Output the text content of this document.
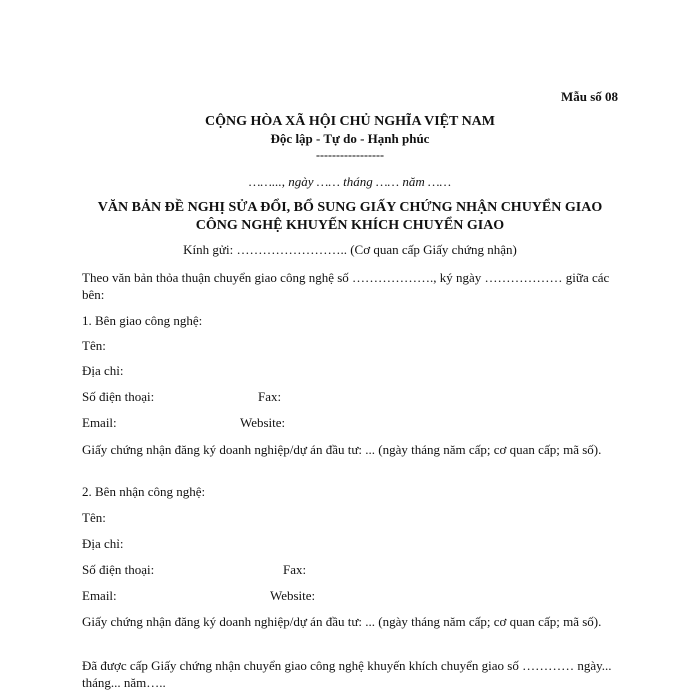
Mẫu số 08
CỘNG HÒA XÃ HỘI CHỦ NGHĨA VIỆT NAM
Độc lập - Tự do - Hạnh phúc
-----------------
……..., ngày …… tháng …… năm ……
VĂN BẢN ĐỀ NGHỊ SỬA ĐỔI, BỔ SUNG GIẤY CHỨNG NHẬN CHUYỂN GIAO
CÔNG NGHỆ KHUYẾN KHÍCH CHUYỂN GIAO
Kính gửi: …………………….. (Cơ quan cấp Giấy chứng nhận)
Theo văn bản thỏa thuận chuyển giao công nghệ số ………………., ký ngày ……………… giữa các bên:
1. Bên giao công nghệ:
Tên:
Địa chỉ:
Số điện thoại:	Fax:
Email:	Website:
Giấy chứng nhận đăng ký doanh nghiệp/dự án đầu tư: ... (ngày tháng năm cấp; cơ quan cấp; mã số).
2. Bên nhận công nghệ:
Tên:
Địa chỉ:
Số điện thoại:	Fax:
Email:	Website:
Giấy chứng nhận đăng ký doanh nghiệp/dự án đầu tư: ... (ngày tháng năm cấp; cơ quan cấp; mã số).
Đã được cấp Giấy chứng nhận chuyển giao công nghệ khuyến khích chuyển giao số ………… ngày... tháng... năm…..
